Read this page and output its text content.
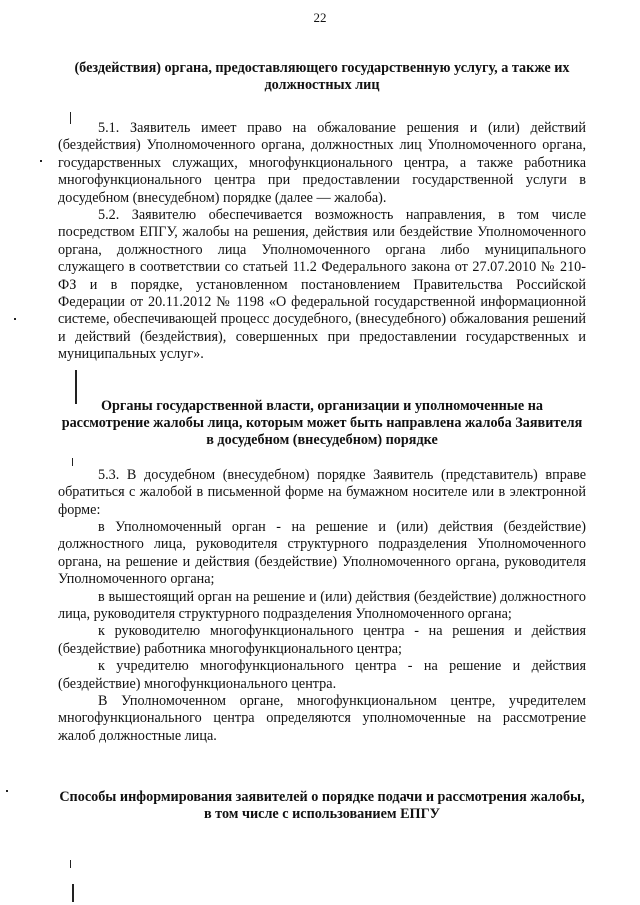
22

(бездействия) органа, предоставляющего государственную услугу, а также их должностных лиц

5.1. Заявитель имеет право на обжалование решения и (или) действий (бездействия) Уполномоченного органа, должностных лиц Уполномоченного органа, государственных служащих, многофункционального центра, а также работника многофункционального центра при предоставлении государственной услуги в досудебном (внесудебном) порядке (далее — жалоба).

5.2. Заявителю обеспечивается возможность направления, в том числе посредством ЕПГУ, жалобы на решения, действия или бездействие Уполномоченного органа, должностного лица Уполномоченного органа либо муниципального служащего в соответствии со статьей 11.2 Федерального закона от 27.07.2010 № 210-ФЗ и в порядке, установленном постановлением Правительства Российской Федерации от 20.11.2012 № 1198 «О федеральной государственной информационной системе, обеспечивающей процесс досудебного, (внесудебного) обжалования решений и действий (бездействия), совершенных при предоставлении государственных и муниципальных услуг».

Органы государственной власти, организации и уполномоченные на рассмотрение жалобы лица, которым может быть направлена жалоба Заявителя в досудебном (внесудебном) порядке

5.3. В досудебном (внесудебном) порядке Заявитель (представитель) вправе обратиться с жалобой в письменной форме на бумажном носителе или в электронной форме:

в Уполномоченный орган - на решение и (или) действия (бездействие) должностного лица, руководителя структурного подразделения Уполномоченного органа, на решение и действия (бездействие) Уполномоченного органа, руководителя Уполномоченного органа;

в вышестоящий орган на решение и (или) действия (бездействие) должностного лица, руководителя структурного подразделения Уполномоченного органа;

к руководителю многофункционального центра - на решения и действия (бездействие) работника многофункционального центра;

к учредителю многофункционального центра - на решение и действия (бездействие) многофункционального центра.

В Уполномоченном органе, многофункциональном центре, учредителем многофункционального центра определяются уполномоченные на рассмотрение жалоб должностные лица.

Способы информирования заявителей о порядке подачи и рассмотрения жалобы, в том числе с использованием ЕПГУ
